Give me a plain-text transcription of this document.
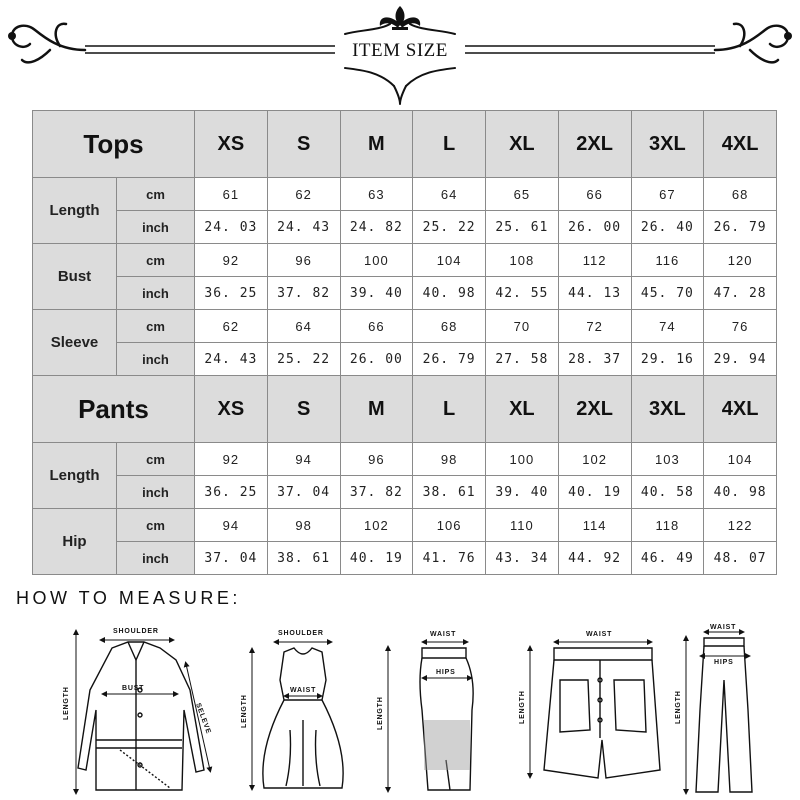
ITEM SIZE
Tops		XS	S	M	L	XL	2XL	3XL	4XL
Length	cm	61	62	63	64	65	66	67	68
	inch	24. 03	24. 43	24. 82	25. 22	25. 61	26. 00	26. 40	26. 79
Bust	cm	92	96	100	104	108	112	116	120
	inch	36. 25	37. 82	39. 40	40. 98	42. 55	44. 13	45. 70	47. 28
Sleeve	cm	62	64	66	68	70	72	74	76
	inch	24. 43	25. 22	26. 00	26. 79	27. 58	28. 37	29. 16	29. 94
Pants		XS	S	M	L	XL	2XL	3XL	4XL
Length	cm	92	94	96	98	100	102	103	104
	inch	36. 25	37. 04	37. 82	38. 61	39. 40	40. 19	40. 58	40. 98
Hip	cm	94	98	102	106	110	114	118	122
	inch	37. 04	38. 61	40. 19	41. 76	43. 34	44. 92	46. 49	48. 07
HOW TO MEASURE:
SHOULDER
BUST
LENGTH	SELEVE
SHOULDER
WAIST
LENGTH
WAIST
HIPS
LENGTH
WAIST
LENGTH
WAIST
HIPS
LENGTH
